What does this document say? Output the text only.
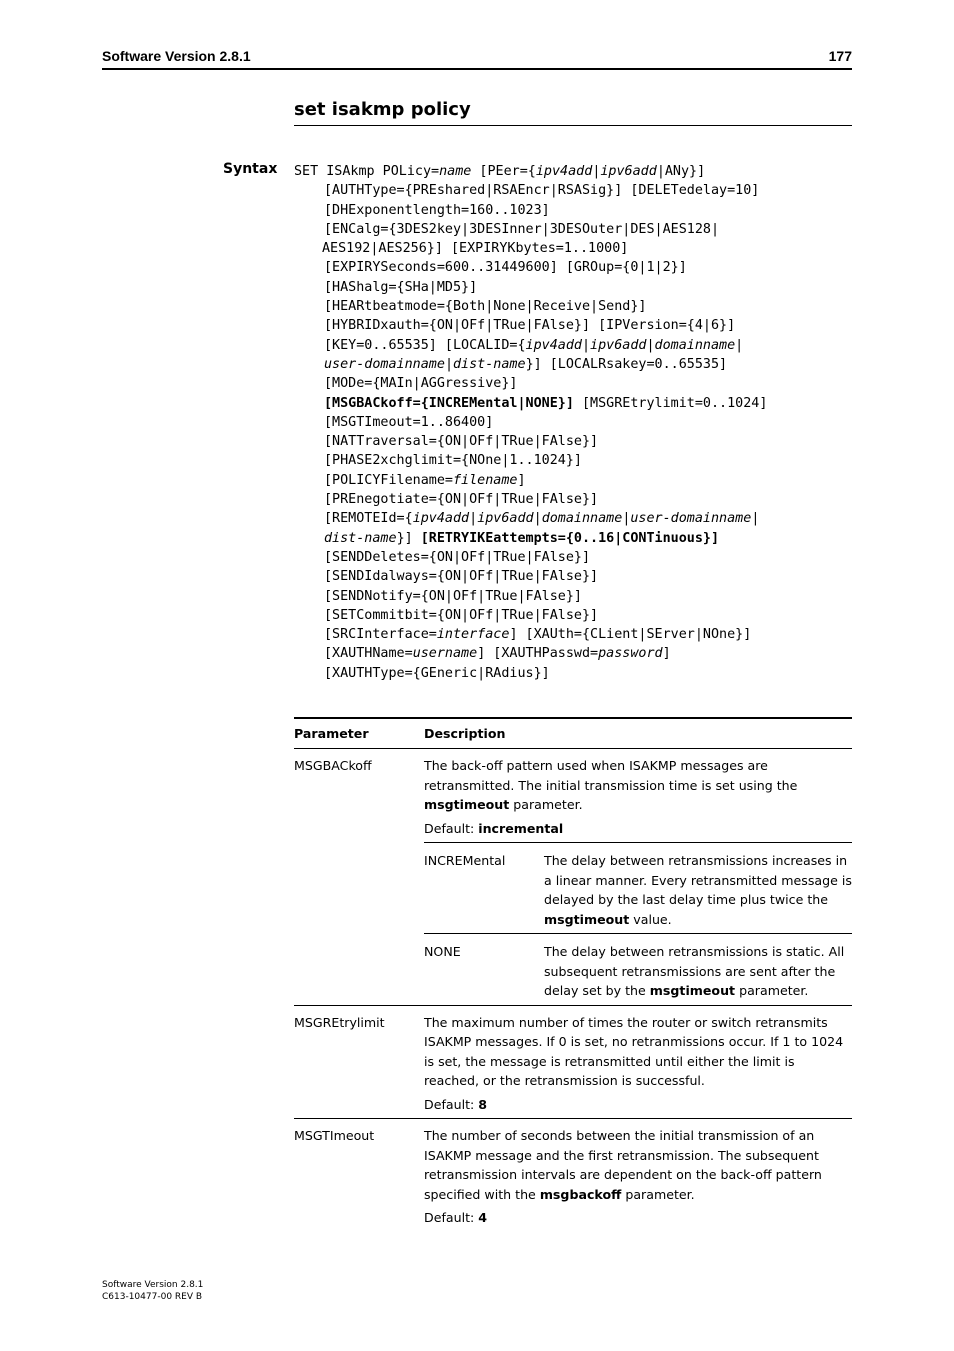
Software Version 2.8.1	177
set isakmp policy
Syntax SET ISAkmp POLicy=name [PEer={ipv4add|ipv6add|ANy}]
[AUTHType={PREshared|RSAEncr|RSASig}] [DELETedelay=10]
[DHExponentlength=160..1023]
[ENCalg={3DES2key|3DESInner|3DESOuter|DES|AES128|
AES192|AES256}] [EXPIRYKbytes=1..1000]
[EXPIRYSeconds=600..31449600] [GROup={0|1|2}]
[HAShalg={SHa|MD5}]
[HEARtbeatmode={Both|None|Receive|Send}]
[HYBRIDxauth={ON|OFf|TRue|FAlse}] [IPVersion={4|6}]
[KEY=0..65535] [LOCALID={ipv4add|ipv6add|domainname|
user-domainname|dist-name}] [LOCALRsakey=0..65535]
[MODe={MAIn|AGGressive}]
[MSGBACkoff={INCREMental|NONE}] [MSGREtrylimit=0..1024]
[MSGTImeout=1..86400]
[NATTraversal={ON|OFf|TRue|FAlse}]
[PHASE2xchglimit={NOne|1..1024}]
[POLICYFilename=filename]
[PREnegotiate={ON|OFf|TRue|FAlse}]
[REMOTEId={ipv4add|ipv6add|domainname|user-domainname|
dist-name}] [RETRYIKEattempts={0..16|CONTinuous}]
[SENDDeletes={ON|OFf|TRue|FAlse}]
[SENDIdalways={ON|OFf|TRue|FAlse}]
[SENDNotify={ON|OFf|TRue|FAlse}]
[SETCommitbit={ON|OFf|TRue|FAlse}]
[SRCInterface=interface] [XAUth={CLient|SErver|NOne}]
[XAUTHName=username] [XAUTHPasswd=password]
[XAUTHType={GEneric|RAdius}]
Parameter	Description
MSGBACkoff	The back-off pattern used when ISAKMP messages are retransmitted. The initial transmission time is set using the msgtimeout parameter.
Default: incremental
INCREMental	The delay between retransmissions increases in a linear manner. Every retransmitted message is delayed by the last delay time plus twice the msgtimeout value.
NONE	The delay between retransmissions is static. All subsequent retransmissions are sent after the delay set by the msgtimeout parameter.
MSGREtrylimit	The maximum number of times the router or switch retransmits ISAKMP messages. If 0 is set, no retranmissions occur. If 1 to 1024 is set, the message is retransmitted until either the limit is reached, or the retransmission is successful.
Default: 8
MSGTImeout	The number of seconds between the initial transmission of an ISAKMP message and the first retransmission. The subsequent retransmission intervals are dependent on the back-off pattern specified with the msgbackoff parameter.
Default: 4
Software Version 2.8.1
C613-10477-00 REV B
